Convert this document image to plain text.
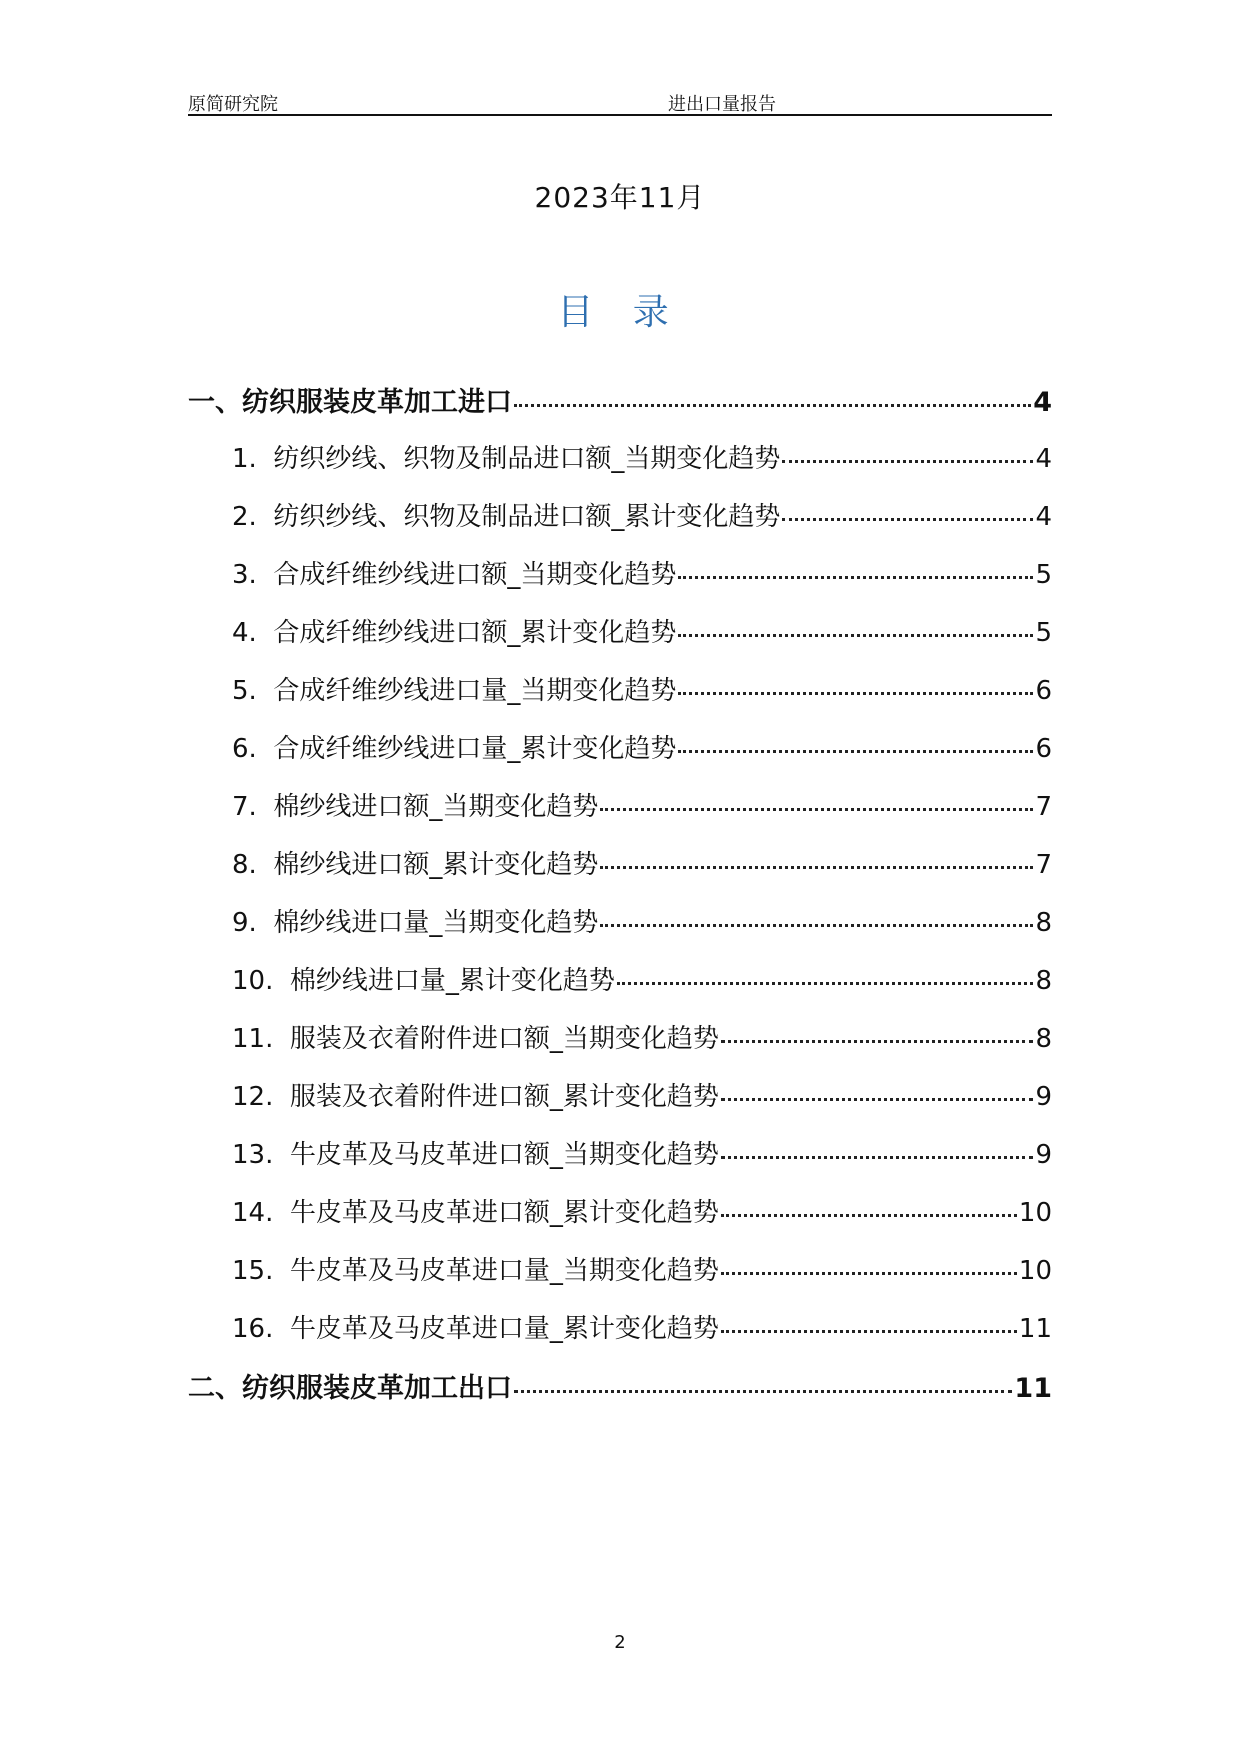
原简研究院	进出口量报告
2023年11月
目 录
一、纺织服装皮革加工进口	4
1. 纺织纱线、织物及制品进口额_当期变化趋势	4
2. 纺织纱线、织物及制品进口额_累计变化趋势	4
3. 合成纤维纱线进口额_当期变化趋势	5
4. 合成纤维纱线进口额_累计变化趋势	5
5. 合成纤维纱线进口量_当期变化趋势	6
6. 合成纤维纱线进口量_累计变化趋势	6
7. 棉纱线进口额_当期变化趋势	7
8. 棉纱线进口额_累计变化趋势	7
9. 棉纱线进口量_当期变化趋势	8
10. 棉纱线进口量_累计变化趋势	8
11. 服装及衣着附件进口额_当期变化趋势	8
12. 服装及衣着附件进口额_累计变化趋势	9
13. 牛皮革及马皮革进口额_当期变化趋势	9
14. 牛皮革及马皮革进口额_累计变化趋势	10
15. 牛皮革及马皮革进口量_当期变化趋势	10
16. 牛皮革及马皮革进口量_累计变化趋势	11
二、纺织服装皮革加工出口	11
2
